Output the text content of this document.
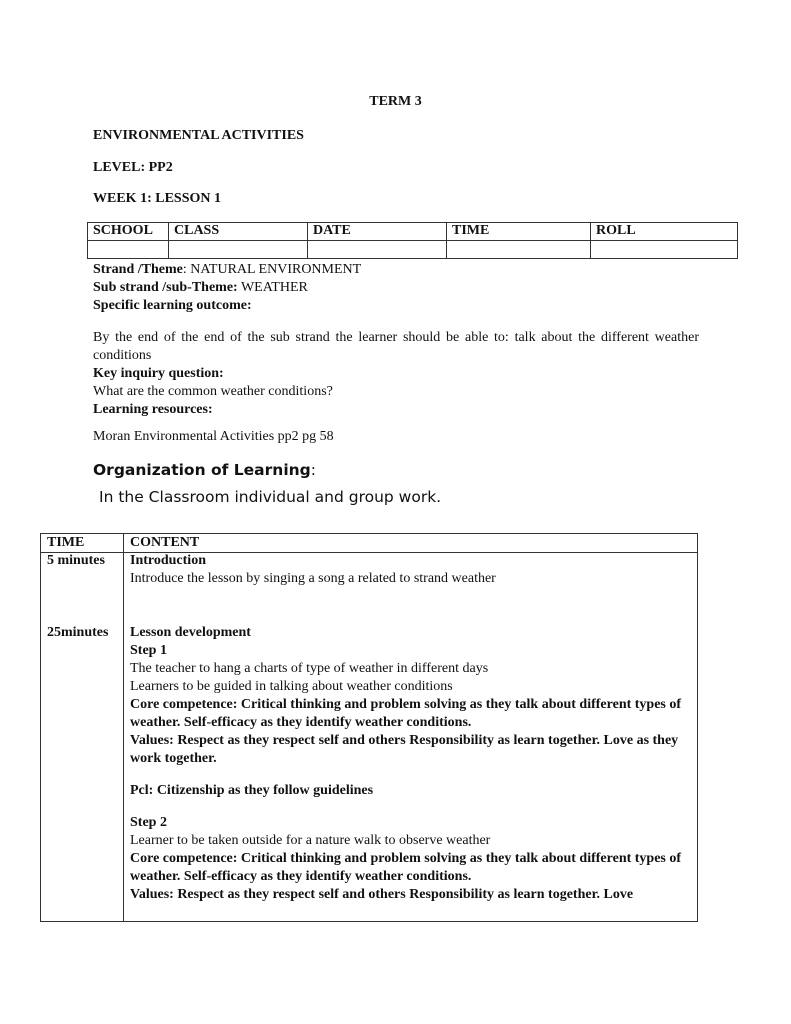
TERM 3
ENVIRONMENTAL ACTIVITIES
LEVEL: PP2
WEEK 1: LESSON 1
SCHOOL	CLASS	DATE	TIME	ROLL

Strand /Theme: NATURAL ENVIRONMENT
Sub strand /sub-Theme: WEATHER
Specific learning outcome:
By the end of the end of the sub strand the learner should be able to: talk about the different weather conditions
Key inquiry question:
What are the common weather conditions?
Learning resources:
Moran Environmental Activities pp2 pg 58
Organization of Learning:
In the Classroom individual and group work.
TIME	CONTENT
5 minutes Introduction
Introduce the lesson by singing a song a related to strand weather
25minutes Lesson development
Step 1
The teacher to hang a charts of type of weather in different days
Learners to be guided in talking about weather conditions
Core competence: Critical thinking and problem solving as they talk about different types of weather. Self-efficacy as they identify weather conditions.
Values: Respect as they respect self and others Responsibility as learn together. Love as they work together.
Pcl: Citizenship as they follow guidelines
Step 2
Learner to be taken outside for a nature walk to observe weather
Core competence: Critical thinking and problem solving as they talk about different types of weather. Self-efficacy as they identify weather conditions.
Values: Respect as they respect self and others Responsibility as learn together. Love
